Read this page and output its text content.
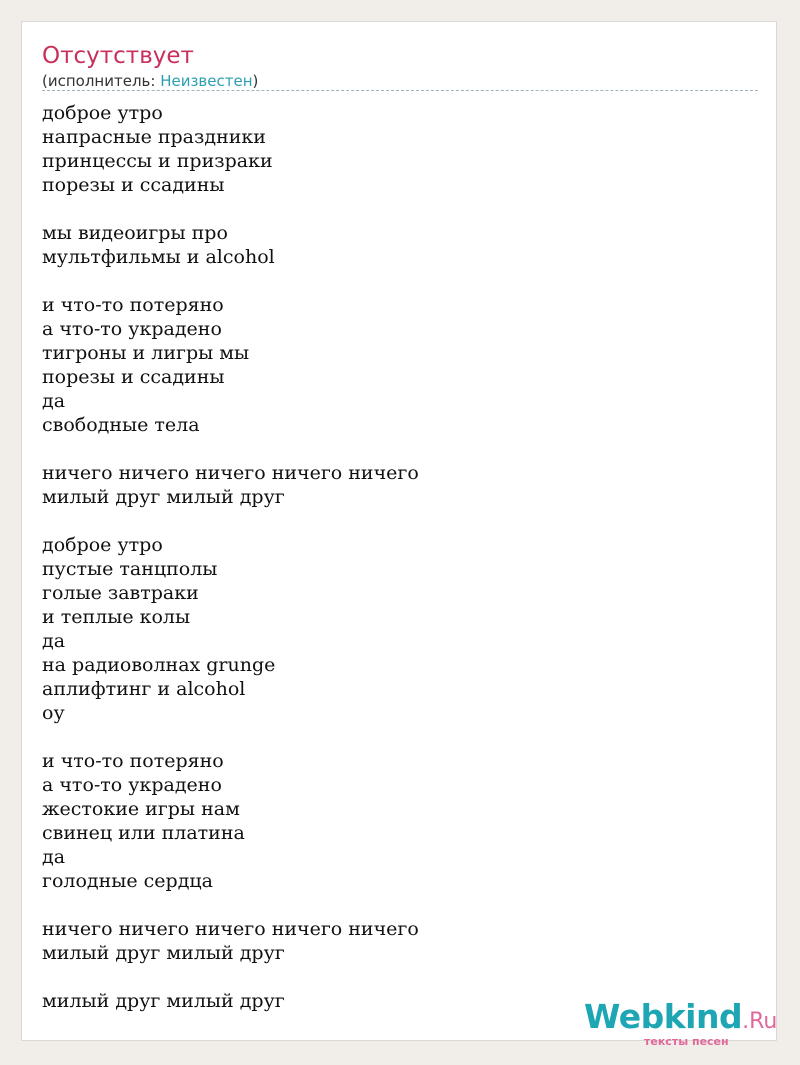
Отсутствует
(исполнитель: Неизвестен)
доброе утро
напрасные праздники
принцессы и призраки
порезы и ссадины
мы видеоигры про
мультфильмы и alcohol
и что-то потеряно
а что-то украдено
тигроны и лигры мы
порезы и ссадины
да
свободные тела
ничего ничего ничего ничего ничего
милый друг милый друг
доброе утро
пустые танцполы
голые завтраки
и теплые колы
да
на радиоволнах grunge
аплифтинг и alcohol
оу
и что-то потеряно
а что-то украдено
жестокие игры нам
свинец или платина
да
голодные сердца
ничего ничего ничего ничего ничего
милый друг милый друг
милый друг милый друг	Webkind.Ru
тексты песен
